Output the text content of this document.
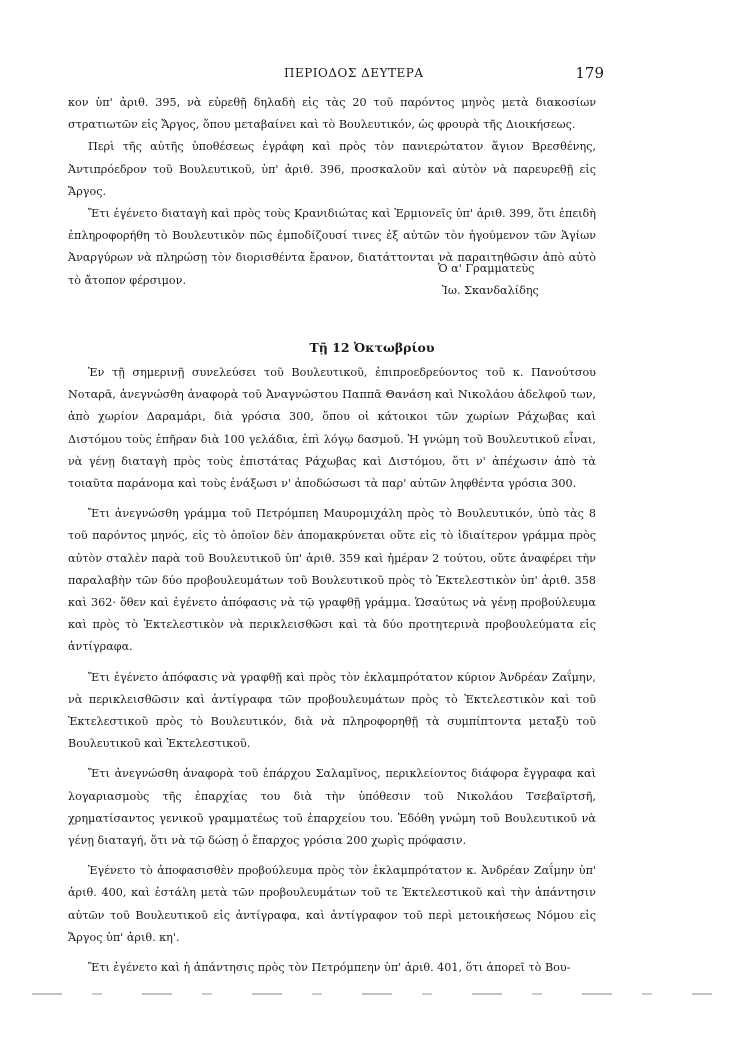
ΠΕΡΙΟΔΟΣ ΔΕΥΤΕΡΑ	179

κον ὑπ' ἀριθ. 395, νὰ εὑρεθῇ δηλαδὴ εἰς τὰς 20 τοῦ παρόντος μηνὸς μετὰ διακοσίων στρατιωτῶν εἰς Ἄργος, ὅπου μεταβαίνει καὶ τὸ Βουλευτικόν, ὡς φρουρὰ τῆς Διοικήσεως.

Περὶ τῆς αὐτῆς ὑποθέσεως ἐγράφη καὶ πρὸς τὸν πανιερώτατον ἅγιον Βρεσθένης, Ἀντιπρόεδρον τοῦ Βουλευτικοῦ, ὑπ' ἀριθ. 396, προσκαλοῦν καὶ αὐτὸν νὰ παρευρεθῇ εἰς Ἄργος.

Ἔτι ἐγένετο διαταγὴ καὶ πρὸς τοὺς Κρανιδιώτας καὶ Ἑρμιονεῖς ὑπ' ἀριθ. 399, ὅτι ἐπειδὴ ἐπληροφορήθη τὸ Βουλευτικὸν πῶς ἐμποδίζουσί τινες ἐξ αὐτῶν τὸν ἡγούμενον τῶν Ἁγίων Ἀναργύρων νὰ πληρώσῃ τὸν διορισθέντα ἔρανον, διατάττονται νὰ παραιτηθῶσιν ἀπὸ αὐτὸ τὸ ἄτοπον φέρσιμον.

Ὁ α' Γραμματεὺς
Ἰω. Σκανδαλίδης
Τῇ 12 Ὀκτωβρίου

Ἐν τῇ σημερινῇ συνελεύσει τοῦ Βουλευτικοῦ, ἐπιπροεδρεύοντος τοῦ κ. Πανούτσου Νοταρᾶ, ἀνεγνώσθη ἀναφορὰ τοῦ Ἀναγνώστου Παππᾶ Θανάση καὶ Νικολάου ἀδελφοῦ των, ἀπὸ χωρίον Δαραμάρι, διὰ γρόσια 300, ὅπου οἱ κάτοικοι τῶν χωρίων Ράχωβας καὶ Διστόμου τοὺς ἐπῆραν διὰ 100 γελάδια, ἐπὶ λόγῳ δασμοῦ. Ἡ γνώμη τοῦ Βουλευτικοῦ εἶναι, νὰ γένῃ διαταγὴ πρὸς τοὺς ἐπιστάτας Ράχωβας καὶ Διστόμου, ὅτι ν' ἀπέχωσιν ἀπὸ τὰ τοιαῦτα παράνομα καὶ τοὺς ἐνάξωσι ν' ἀποδώσωσι τὰ παρ' αὐτῶν ληφθέντα γρόσια 300.

Ἔτι ἀνεγνώσθη γράμμα τοῦ Πετρόμπεη Μαυρομιχάλη πρὸς τὸ Βουλευτικόν, ὑπὸ τὰς 8 τοῦ παρόντος μηνός, εἰς τὸ ὁποῖον δὲν ἀπομακρύνεται οὔτε εἰς τὸ ἰδιαίτερον γράμμα πρὸς αὐτὸν σταλὲν παρὰ τοῦ Βουλευτικοῦ ὑπ' ἀριθ. 359 καὶ ἡμέραν 2 τούτου, οὔτε ἀναφέρει τὴν παραλαβὴν τῶν δύο προβουλευμάτων τοῦ Βουλευτικοῦ πρὸς τὸ Ἐκτελεστικὸν ὑπ' ἀριθ. 358 καὶ 362· ὅθεν καὶ ἐγένετο ἀπόφασις νὰ τῷ γραφθῇ γράμμα. Ὡσαύτως νὰ γένῃ προβούλευμα καὶ πρὸς τὸ Ἐκτελεστικὸν νὰ περικλεισθῶσι καὶ τὰ δύο προτητερινὰ προβουλεύματα εἰς ἀντίγραφα.

Ἔτι ἐγένετο ἀπόφασις νὰ γραφθῇ καὶ πρὸς τὸν ἐκλαμπρότατον κύριον Ἀνδρέαν Ζαΐμην, νὰ περικλεισθῶσιν καὶ ἀντίγραφα τῶν προβουλευμάτων πρὸς τὸ Ἐκτελεστικὸν καὶ τοῦ Ἐκτελεστικοῦ πρὸς τὸ Βουλευτικόν, διὰ νὰ πληροφορηθῇ τὰ συμπίπτοντα μεταξὺ τοῦ Βουλευτικοῦ καὶ Ἐκτελεστικοῦ.

Ἔτι ἀνεγνώσθη ἀναφορὰ τοῦ ἐπάρχου Σαλαμῖνος, περικλείοντος διάφορα ἔγγραφα καὶ λογαριασμοὺς τῆς ἐπαρχίας του διὰ τὴν ὑπόθεσιν τοῦ Νικολάου Τσεβαϊρτσῆ, χρηματίσαντος γενικοῦ γραμματέως τοῦ ἐπαρχείου του. Ἐδόθη γνώμη τοῦ Βουλευτικοῦ νὰ γένῃ διαταγή, ὅτι νὰ τῷ δώσῃ ὁ ἔπαρχος γρόσια 200 χωρὶς πρόφασιν.

Ἐγένετο τὸ ἀποφασισθὲν προβούλευμα πρὸς τὸν ἐκλαμπρότατον κ. Ἀνδρέαν Ζαΐμην ὑπ' ἀριθ. 400, καὶ ἐστάλη μετὰ τῶν προβουλευμάτων τοῦ τε Ἐκτελεστικοῦ καὶ τὴν ἀπάντησιν αὐτῶν τοῦ Βουλευτικοῦ εἰς ἀντίγραφα, καὶ ἀντίγραφον τοῦ περὶ μετοικήσεως Νόμου εἰς Ἄργος ὑπ' ἀριθ. κη'.

Ἔτι ἐγένετο καὶ ἡ ἀπάντησις πρὸς τὸν Πετρόμπεην ὑπ' ἀριθ. 401, ὅτι ἀπορεῖ τὸ Βου-
